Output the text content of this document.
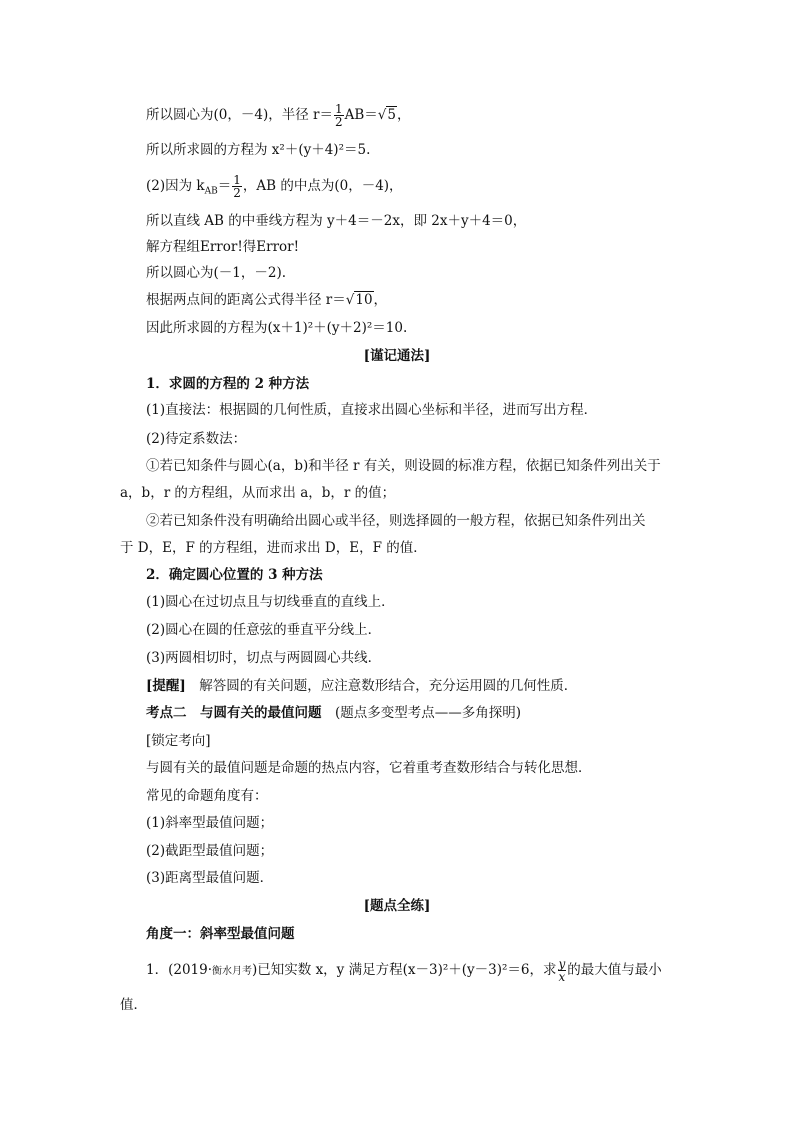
所以圆心为(0，－4)，半径 $r= \frac{1}{2} AB=√5$，
所以所求圆的方程为 x²＋(y＋4)²＝5.
(2)因为 $k_{AB}= \frac{1}{2}$ ，AB 的中点为(0，－4)，
所以直线 AB 的中垂线方程为 y＋4＝－2x，即 2x＋y＋4＝0，
解方程组Error!得Error!
所以圆心为(－1，－2).
根据两点间的距离公式得半径 r＝√10，
因此所求圆的方程为(x＋1)²＋(y＋2)²＝10.
[谨记通法]
1．求圆的方程的 2 种方法
(1)直接法：根据圆的几何性质，直接求出圆心坐标和半径，进而写出方程．
(2)待定系数法：
①若已知条件与圆心(a，b)和半径 r 有关，则设圆的标准方程，依据已知条件列出关于
a，b，r 的方程组，从而求出 a，b，r 的值；
②若已知条件没有明确给出圆心或半径，则选择圆的一般方程，依据已知条件列出关
于 D，E，F 的方程组，进而求出 D，E，F 的值．
2．确定圆心位置的 3 种方法
(1)圆心在过切点且与切线垂直的直线上．
(2)圆心在圆的任意弦的垂直平分线上．
(3)两圆相切时，切点与两圆圆心共线．
[提醒]　 解答圆的有关问题，应注意数形结合，充分运用圆的几何性质．
考点二　与圆有关的最值问题　 (题点多变型考点——多角探明)
[锁定考向]
与圆有关的最值问题是命题的热点内容，它着重考查数形结合与转化思想．
常见的命题角度有：
(1)斜率型最值问题；
(2)截距型最值问题；
(3)距离型最值问题．
[题点全练]
角度一：斜率型最值问题
1．(2019·衡水月考)已知实数 x，y 满足方程(x－3)²＋(y－3)²＝6，求 $\frac{y}{x}$ 的最大值与最小
值．
